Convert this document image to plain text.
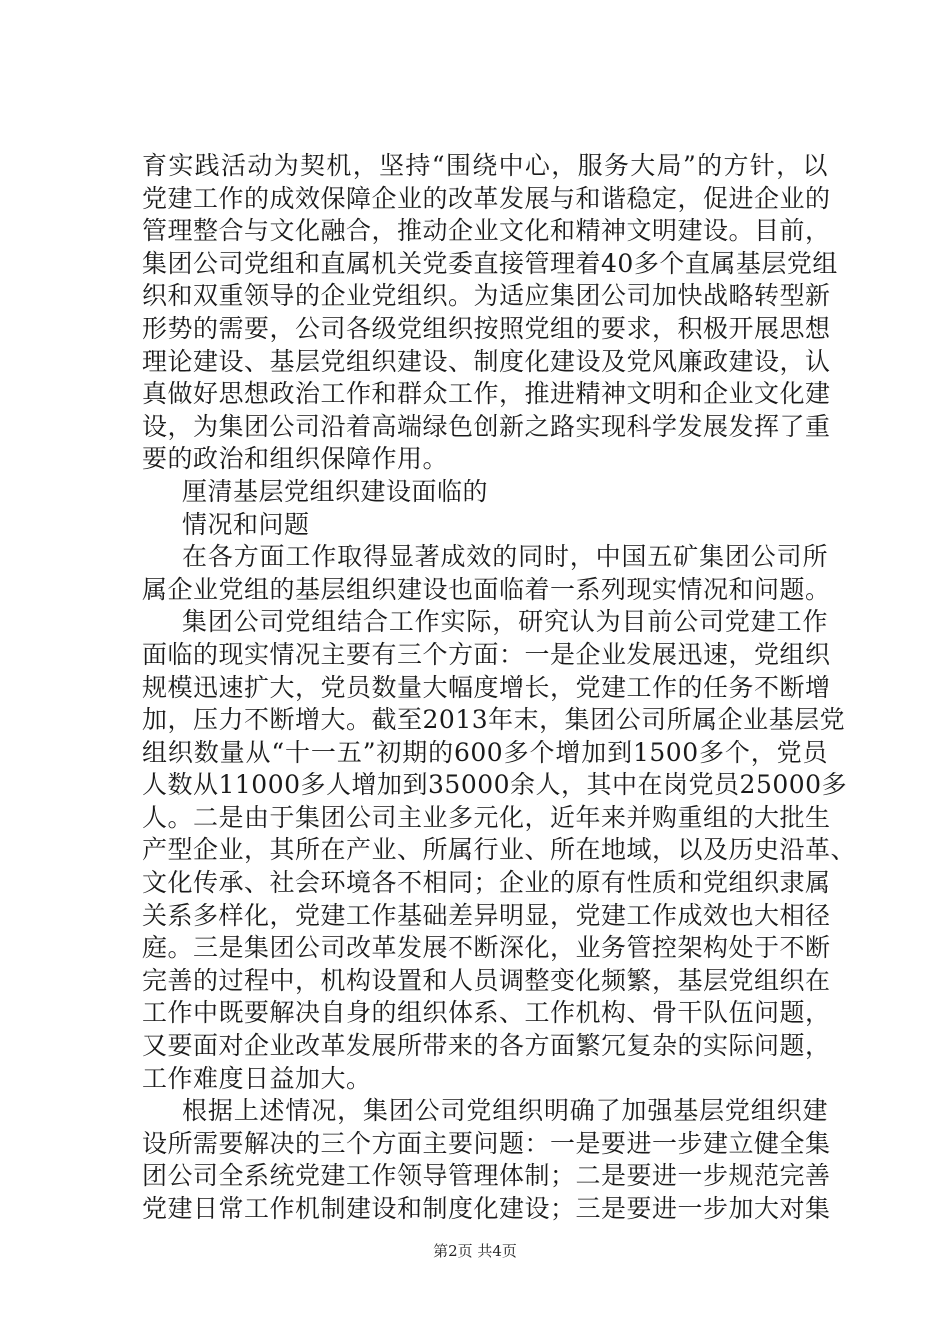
育实践活动为契机，坚持“围绕中心，服务大局”的方针，以
党建工作的成效保障企业的改革发展与和谐稳定，促进企业的
管理整合与文化融合，推动企业文化和精神文明建设。目前，
集团公司党组和直属机关党委直接管理着40多个直属基层党组
织和双重领导的企业党组织。为适应集团公司加快战略转型新
形势的需要，公司各级党组织按照党组的要求，积极开展思想
理论建设、基层党组织建设、制度化建设及党风廉政建设，认
真做好思想政治工作和群众工作，推进精神文明和企业文化建
设，为集团公司沿着高端绿色创新之路实现科学发展发挥了重
要的政治和组织保障作用。
厘清基层党组织建设面临的
情况和问题
在各方面工作取得显著成效的同时，中国五矿集团公司所
属企业党组的基层组织建设也面临着一系列现实情况和问题。
集团公司党组结合工作实际，研究认为目前公司党建工作
面临的现实情况主要有三个方面：一是企业发展迅速，党组织
规模迅速扩大，党员数量大幅度增长，党建工作的任务不断增
加，压力不断增大。截至2013年末，集团公司所属企业基层党
组织数量从“十一五”初期的600多个增加到1500多个，党员
人数从11000多人增加到35000余人，其中在岗党员25000多
人。二是由于集团公司主业多元化，近年来并购重组的大批生
产型企业，其所在产业、所属行业、所在地域，以及历史沿革、
文化传承、社会环境各不相同；企业的原有性质和党组织隶属
关系多样化，党建工作基础差异明显，党建工作成效也大相径
庭。三是集团公司改革发展不断深化，业务管控架构处于不断
完善的过程中，机构设置和人员调整变化频繁，基层党组织在
工作中既要解决自身的组织体系、工作机构、骨干队伍问题，
又要面对企业改革发展所带来的各方面繁冗复杂的实际问题，
工作难度日益加大。
根据上述情况，集团公司党组织明确了加强基层党组织建
设所需要解决的三个方面主要问题：一是要进一步建立健全集
团公司全系统党建工作领导管理体制；二是要进一步规范完善
党建日常工作机制建设和制度化建设；三是要进一步加大对集
第2页 共4页
